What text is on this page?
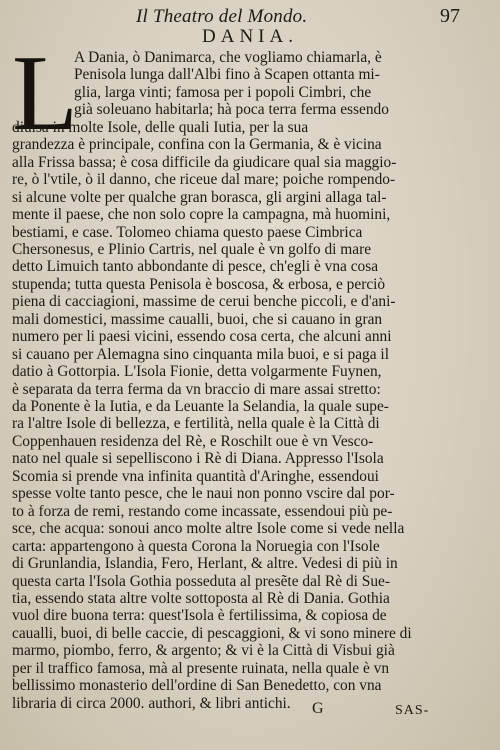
Il Theatro del Mondo.	97
DANIA.
L
A Dania, ò Danimarca, che vogliamo chiamarla, è
Penisola lunga dall'Albi fino à Scapen ottanta mi-
glia, larga vinti; famosa per i popoli Cimbri, che
già soleuano habitarla; hà poca terra ferma essendo
diuisa in molte Isole, delle quali Iutia, per la sua
grandezza è principale, confina con la Germania, & è vicina
alla Frissa bassa; è cosa difficile da giudicare qual sia maggio-
re, ò l'vtile, ò il danno, che riceue dal mare; poiche rompendo-
si alcune volte per qualche gran borasca, gli argini allaga tal-
mente il paese, che non solo copre la campagna, mà huomini,
bestiami, e case. Tolomeo chiama questo paese Cimbrica
Chersonesus, e Plinio Cartris, nel quale è vn golfo di mare
detto Limuich tanto abbondante di pesce, ch'egli è vna cosa
stupenda; tutta questa Penisola è boscosa, & erbosa, e perciò
piena di cacciagioni, massime de cerui benche piccoli, e d'ani-
mali domestici, massime caualli, buoi, che si cauano in gran
numero per li paesi vicini, essendo cosa certa, che alcuni anni
si cauano per Alemagna sino cinquanta mila buoi, e si paga il
datio à Gottorpia. L'Isola Fionie, detta volgarmente Fuynen,
è separata da terra ferma da vn braccio di mare assai stretto:
da Ponente è la Iutia, e da Leuante la Selandia, la quale supe-
ra l'altre Isole di bellezza, e fertilità, nella quale è la Città di
Coppenhauen residenza del Rè, e Roschilt oue è vn Vesco-
nato nel quale si sepelliscono i Rè di Diana. Appresso l'Isola
Scomia si prende vna infinita quantità d'Aringhe, essendoui
spesse volte tanto pesce, che le naui non ponno vscire dal por-
to à forza de remi, restando come incassate, essendoui più pe-
sce, che acqua: sonoui anco molte altre Isole come si vede nella
carta: appartengono à questa Corona la Noruegia con l'Isole
di Grunlandia, Islandia, Fero, Herlant, & altre. Vedesi di più in
questa carta l'Isola Gothia posseduta al presẽte dal Rè di Sue-
tia, essendo stata altre volte sottoposta al Rè di Dania. Gothia
vuol dire buona terra: quest'Isola è fertilissima, & copiosa de
caualli, buoi, di belle caccie, di pescaggioni, & vi sono minere di
marmo, piombo, ferro, & argento; & vi è la Città di Visbui già
per il traffico famosa, mà al presente ruinata, nella quale è vn
bellissimo monasterio dell'ordine di San Benedetto, con vna
libraria di circa 2000. authori, & libri antichi.	G	SAS-
